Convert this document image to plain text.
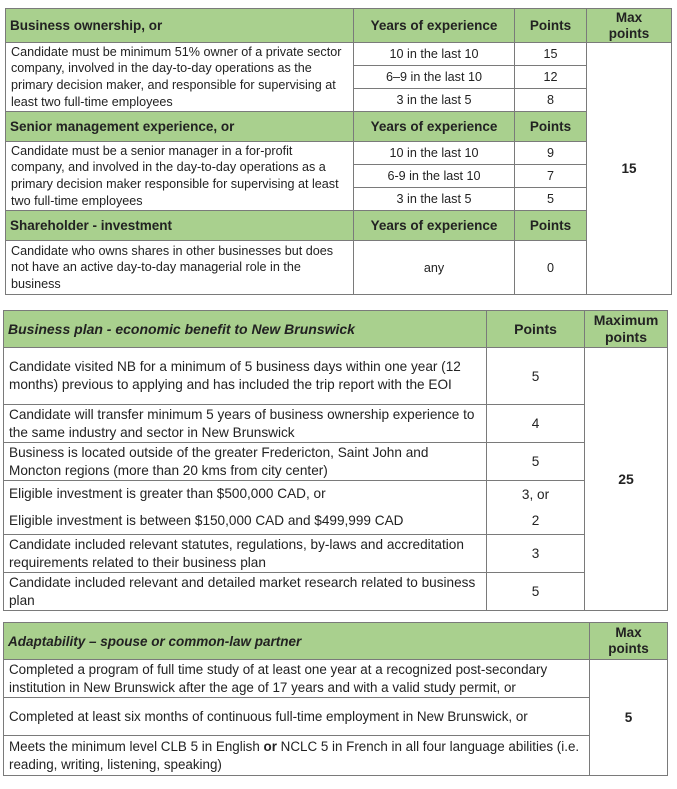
Business ownership, or	Years of experience	Points	Max
points
Candidate must be minimum 51% owner of a private sector company, involved in the day-to-day operations as the primary decision maker, and responsible for supervising at least two full-time employees	10 in the last 10	15	15
	6–9 in the last 10	12	
	3 in the last 5	8	
Senior management experience, or	Years of experience	Points	
Candidate must be a senior manager in a for-profit company, and involved in the day-to-day operations as a primary decision maker responsible for supervising at least two full-time employees	10 in the last 10	9	
	6-9 in the last 10	7	
	3 in the last 5	5	
Shareholder - investment	Years of experience	Points	
Candidate who owns shares in other businesses but does not have an active day-to-day managerial role in the business	any	0	
Business plan - economic benefit to New Brunswick	Points	Maximum
points
Candidate visited NB for a minimum of 5 business days within one year (12 months) previous to applying and has included the trip report with the EOI	5	25
Candidate will transfer minimum 5 years of business ownership experience to the same industry and sector in New Brunswick	4	
Business is located outside of the greater Fredericton, Saint John and Moncton regions (more than 20 kms from city center)	5	
Eligible investment is greater than $500,000 CAD, or	3, or	
Eligible investment is between $150,000 CAD and $499,999 CAD	2	
Candidate included relevant statutes, regulations, by-laws and accreditation requirements related to their business plan	3	
Candidate included relevant and detailed market research related to business plan	5	
Adaptability – spouse or common-law partner	Max
points
Completed a program of full time study of at least one year at a recognized post-secondary institution in New Brunswick after the age of 17 years and with a valid study permit, or	5
Completed at least six months of continuous full-time employment in New Brunswick, or	
Meets the minimum level CLB 5 in English or NCLC 5 in French in all four language abilities (i.e. reading, writing, listening, speaking)	
